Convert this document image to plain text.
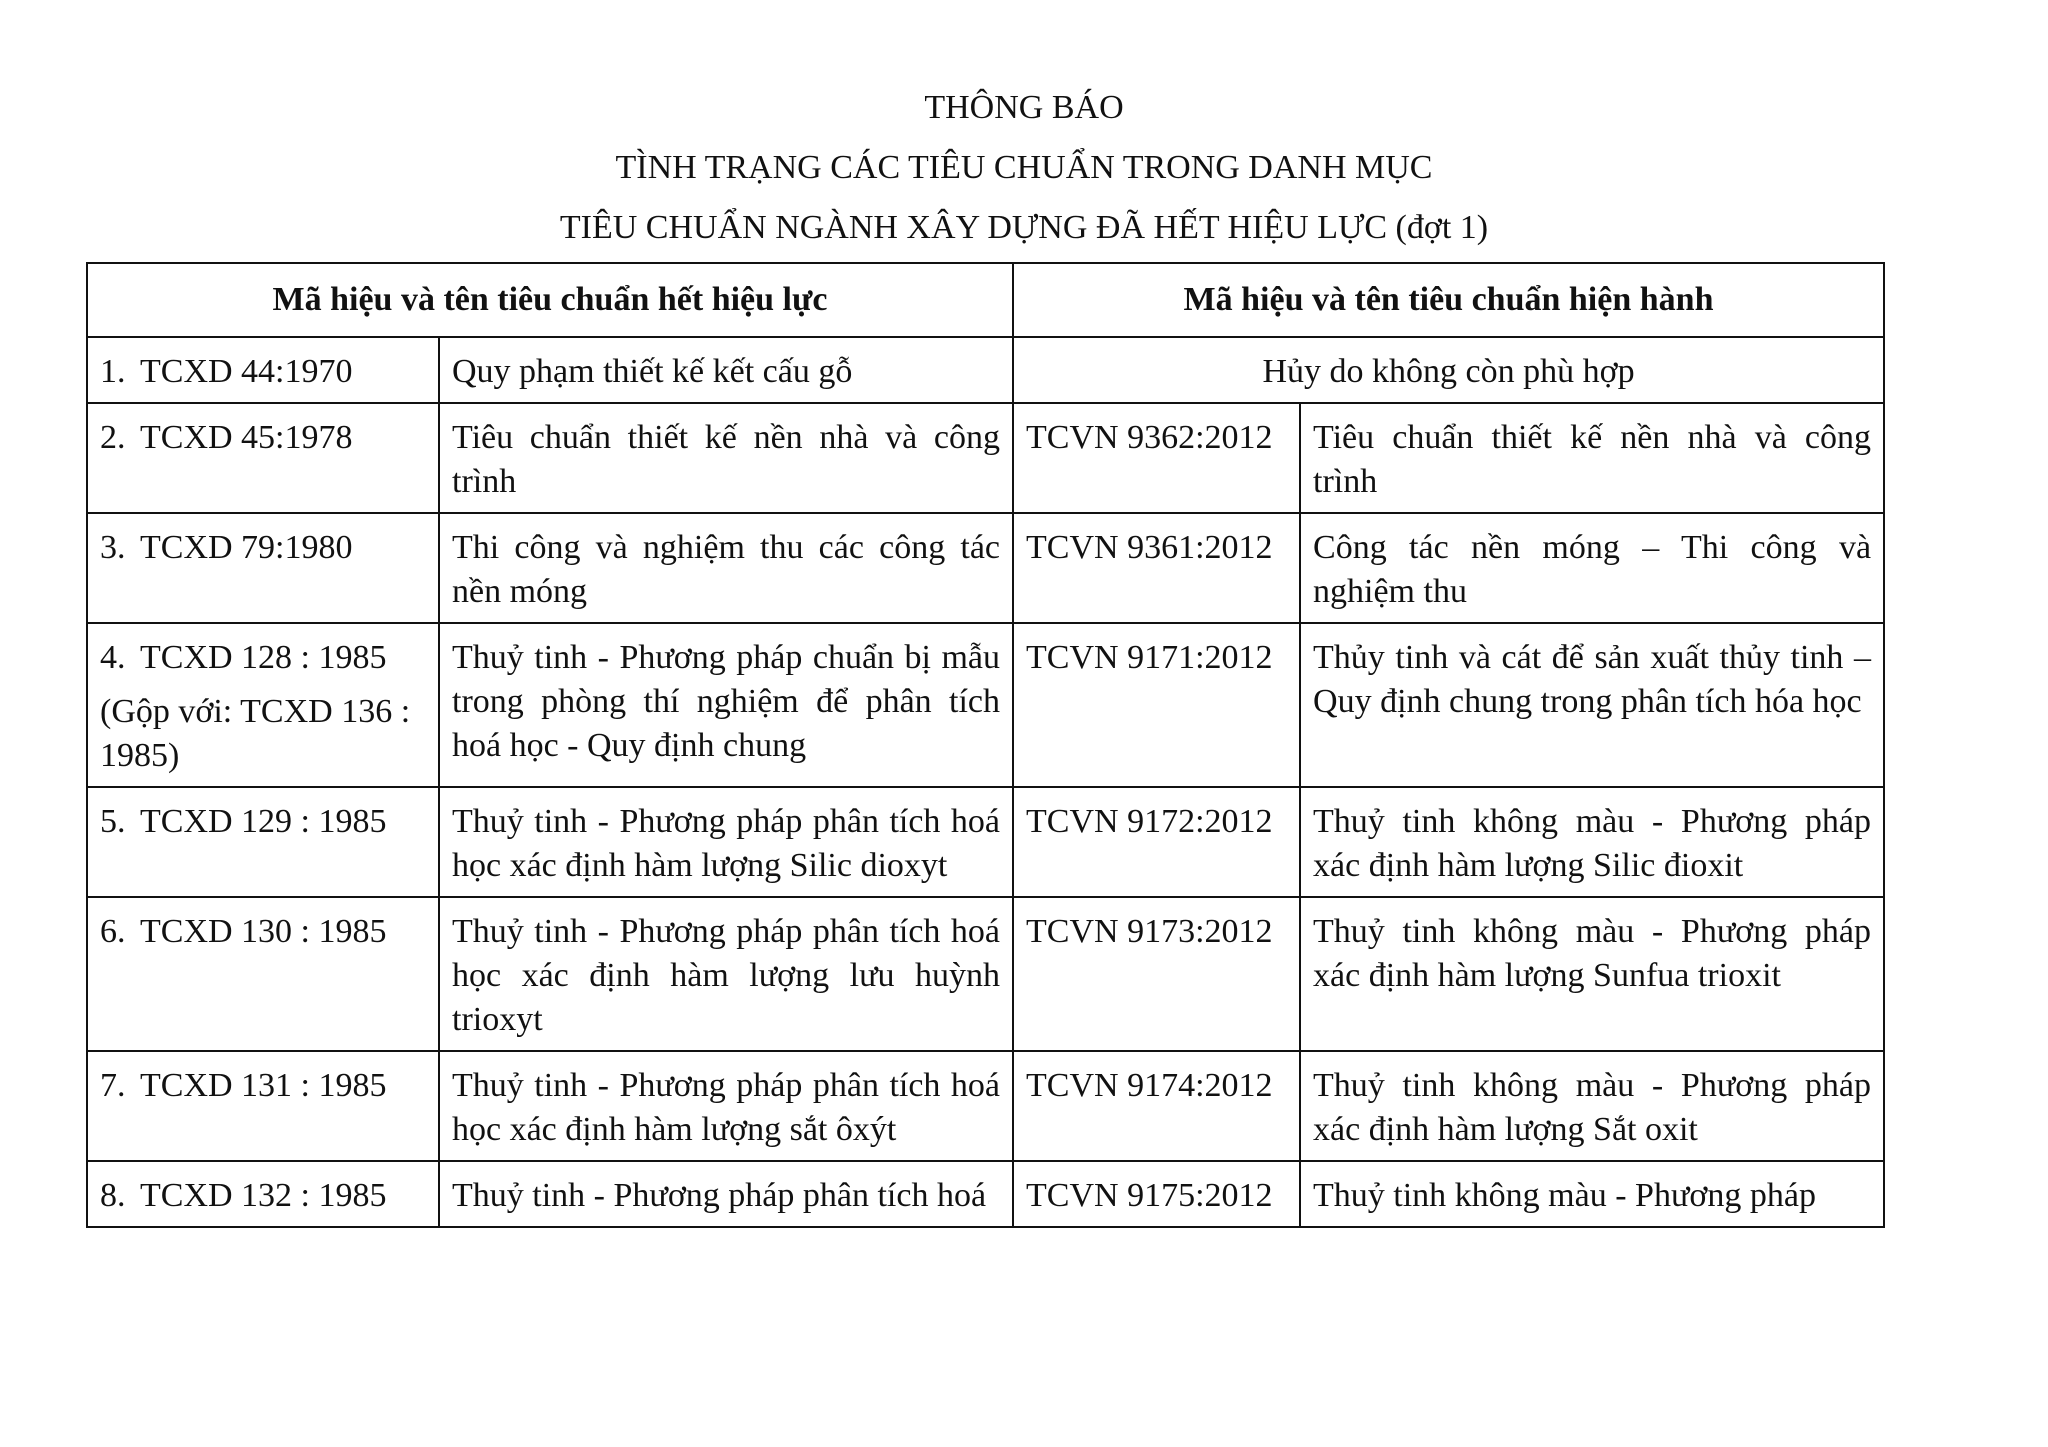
THÔNG BÁO
TÌNH TRẠNG CÁC TIÊU CHUẨN TRONG DANH MỤC
TIÊU CHUẨN NGÀNH XÂY DỰNG ĐÃ HẾT HIỆU LỰC (đợt 1)
Mã hiệu và tên tiêu chuẩn hết hiệu lực		Mã hiệu và tên tiêu chuẩn hiện hành	
1. TCXD 44:1970	Quy phạm thiết kế kết cấu gỗ	Hủy do không còn phù hợp	
2. TCXD 45:1978	Tiêu chuẩn thiết kế nền nhà và công trình	TCVN 9362:2012	Tiêu chuẩn thiết kế nền nhà và công trình
3. TCXD 79:1980	Thi công và nghiệm thu các công tác nền móng	TCVN 9361:2012	Công tác nền móng – Thi công và nghiệm thu
4. TCXD 128 : 1985
(Gộp với: TCXD 136 : 1985)	Thuỷ tinh - Phương pháp chuẩn bị mẫu trong phòng thí nghiệm để phân tích hoá học - Quy định chung	TCVN 9171:2012	Thủy tinh và cát để sản xuất thủy tinh – Quy định chung trong phân tích hóa học
5. TCXD 129 : 1985	Thuỷ tinh - Phương pháp phân tích hoá học xác định hàm lượng Silic dioxyt	TCVN 9172:2012	Thuỷ tinh không màu - Phương pháp xác định hàm lượng Silic đioxit
6. TCXD 130 : 1985	Thuỷ tinh - Phương pháp phân tích hoá học xác định hàm lượng lưu huỳnh trioxyt	TCVN 9173:2012	Thuỷ tinh không màu - Phương pháp xác định hàm lượng Sunfua trioxit
7. TCXD 131 : 1985	Thuỷ tinh - Phương pháp phân tích hoá học xác định hàm lượng sắt ôxýt	TCVN 9174:2012	Thuỷ tinh không màu - Phương pháp xác định hàm lượng Sắt oxit
8. TCXD 132 : 1985	Thuỷ tinh - Phương pháp phân tích hoá	TCVN 9175:2012	Thuỷ tinh không màu - Phương pháp
